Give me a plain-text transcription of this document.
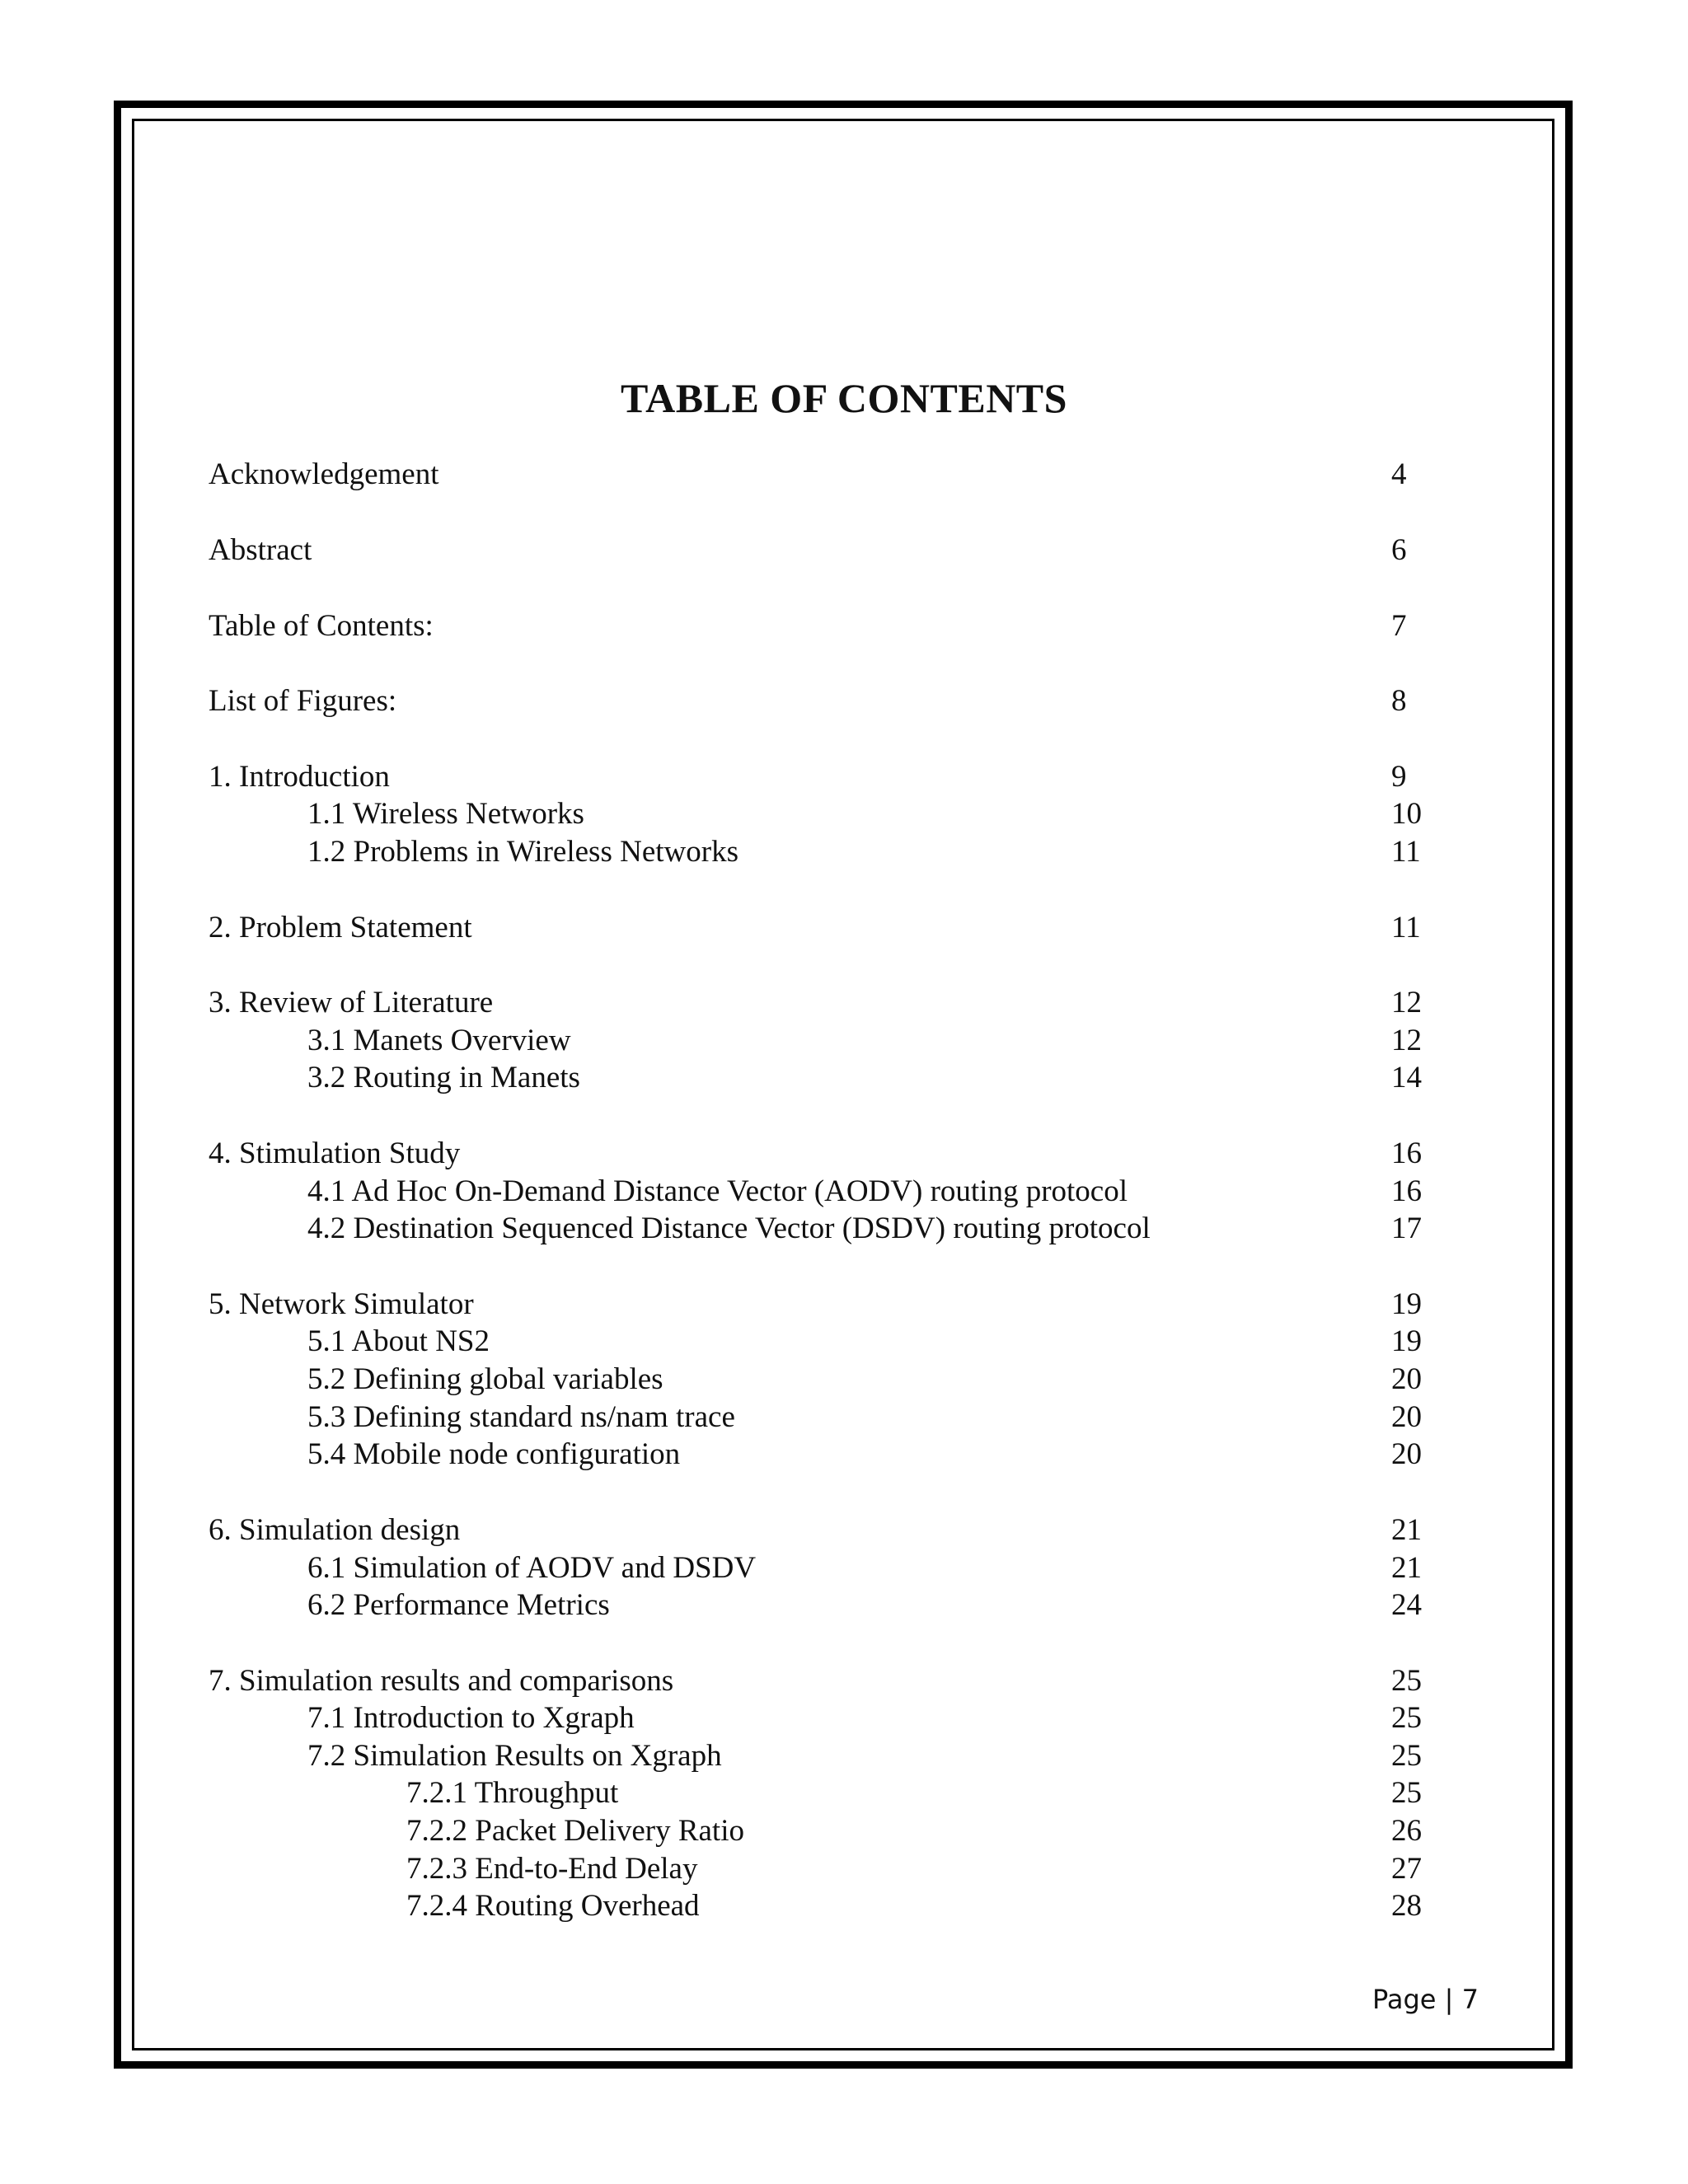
TABLE OF CONTENTS
Acknowledgement	4
Abstract	6
Table of Contents:	7
List of Figures:	8
1. Introduction	9
1.1 Wireless Networks	10
1.2 Problems in Wireless Networks	11
2. Problem Statement	11
3. Review of Literature	12
3.1 Manets Overview	12
3.2 Routing in Manets	14
4. Stimulation Study	16
4.1 Ad Hoc On-Demand Distance Vector (AODV) routing protocol	16
4.2 Destination Sequenced Distance Vector (DSDV) routing protocol	17
5. Network Simulator	19
5.1 About NS2	19
5.2 Defining global variables	20
5.3 Defining standard ns/nam trace	20
5.4 Mobile node configuration	20
6. Simulation design	21
6.1 Simulation of AODV and DSDV	21
6.2 Performance Metrics	24
7. Simulation results and comparisons	25
7.1 Introduction to Xgraph	25
7.2 Simulation Results on Xgraph	25
7.2.1 Throughput	25
7.2.2 Packet Delivery Ratio	26
7.2.3 End-to-End Delay	27
7.2.4 Routing Overhead	28
Page | 7
